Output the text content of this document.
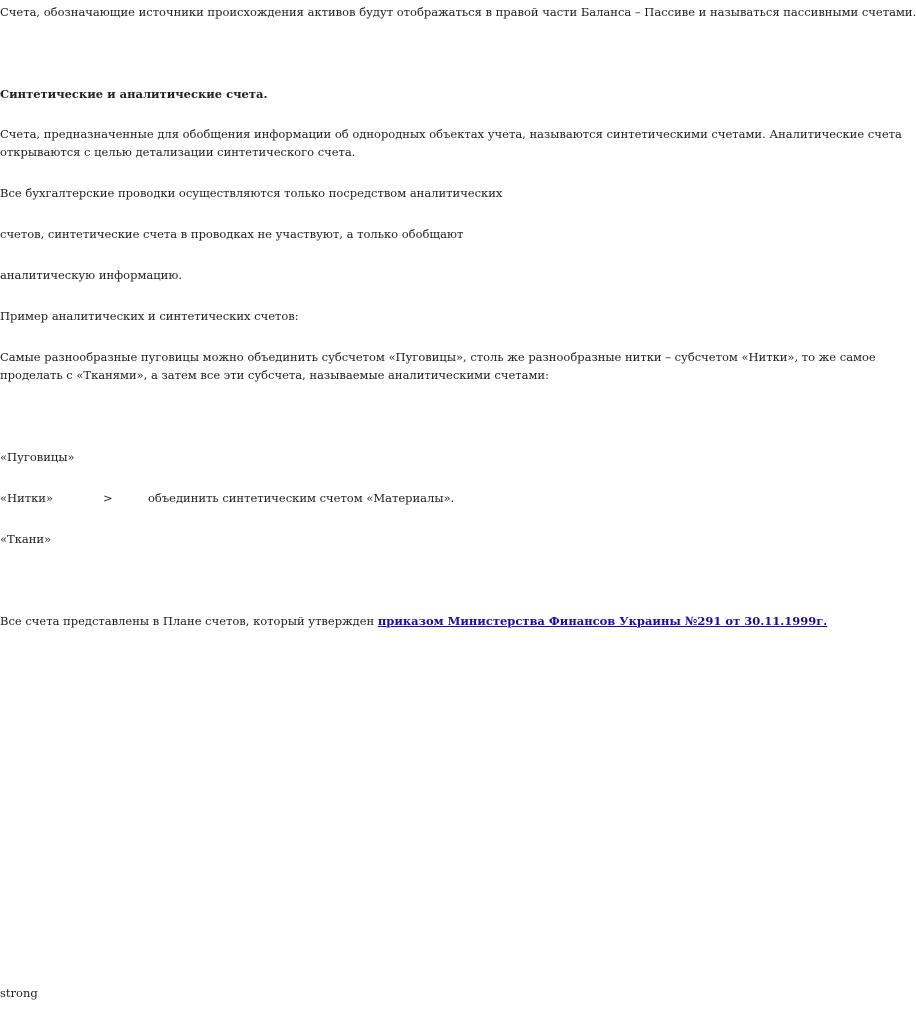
Счета, обозначающие источники происхождения активов будут отображаться в правой части Баланса – Пассиве и называться пассивными счетами.

Синтетические и аналитические счета.

Счета, предназначенные для обобщения информации об однородных объектах учета, называются синтетическими счетами. Аналитические счета

открываются с целью детализации синтетического счета.

Все бухгалтерские проводки осуществляются только посредством аналитических

счетов, синтетические счета в проводках не участвуют, а только обобщают

аналитическую информацию.

Пример аналитических и синтетических счетов:

Самые разнообразные пуговицы можно объединить субсчетом «Пуговицы», столь же разнообразные нитки – субсчетом «Нитки», то же самое

проделать с «Тканями», а затем все эти субсчета, называемые аналитическими счетами:

«Пуговицы»

«Нитки»	>	объединить синтетическим счетом «Материалы».

«Ткани»

Все счета представлены в Плане счетов, который утвержден приказом Министерства Финансов Украины №291 от 30.11.1999г.

strong
